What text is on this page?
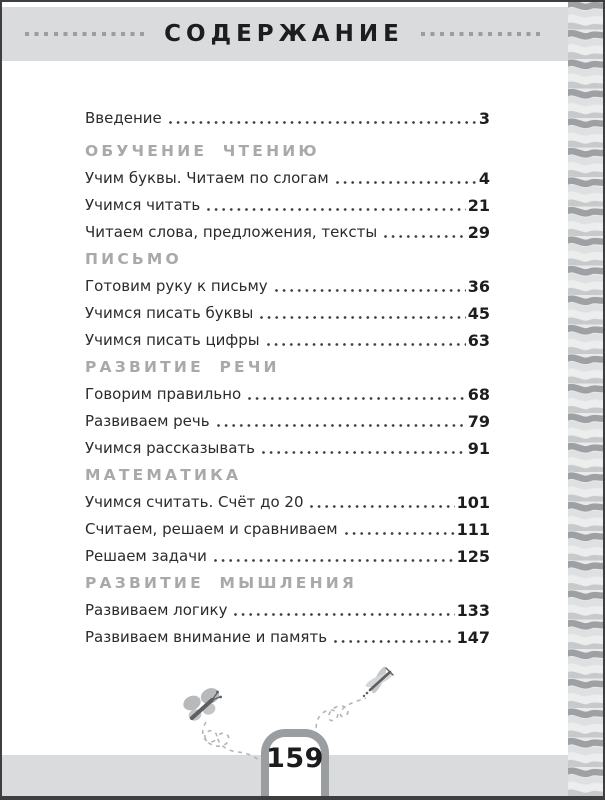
СОДЕРЖАНИЕ
Введение	3
ОБУЧЕНИЕ ЧТЕНИЮ
Учим буквы. Читаем по слогам	4
Учимся читать	21
Читаем слова, предложения, тексты	29
ПИСЬМО
Готовим руку к письму	36
Учимся писать буквы	45
Учимся писать цифры	63
РАЗВИТИЕ РЕЧИ
Говорим правильно	68
Развиваем речь	79
Учимся рассказывать	91
МАТЕМАТИКА
Учимся считать. Счёт до 20	101
Считаем, решаем и сравниваем	111
Решаем задачи	125
РАЗВИТИЕ МЫШЛЕНИЯ
Развиваем логику	133
Развиваем внимание и память	147
159
